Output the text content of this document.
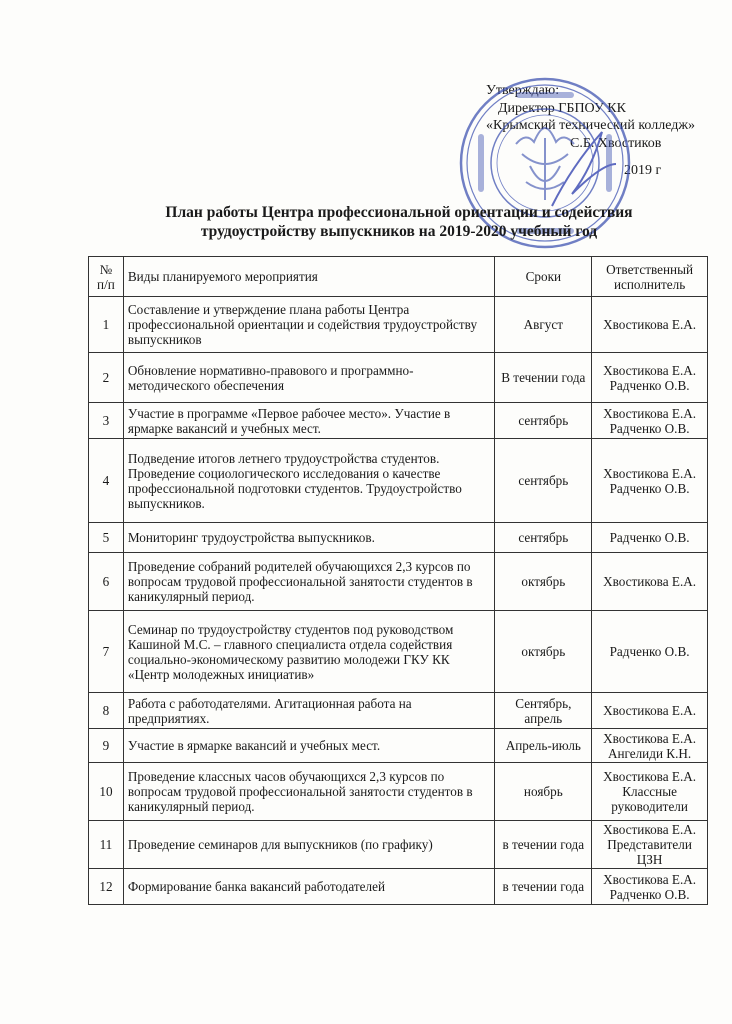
Утверждаю:
Директор ГБПОУ КК
«Крымский технический колледж»
С.Б. Хвостиков
2019 г
План работы Центра профессиональной ориентации и содействия
трудоустройству выпускников на 2019-2020 учебный год
№ п/п	Виды планируемого мероприятия	Сроки	Ответственный исполнитель
1	Составление и утверждение плана работы Центра профессиональной ориентации и содействия трудоустройству выпускников	Август	Хвостикова Е.А.
2	Обновление нормативно-правового и программно-методического обеспечения	В течении года	Хвостикова Е.А. Радченко О.В.
3	Участие в программе «Первое рабочее место». Участие в ярмарке вакансий и учебных мест.	сентябрь	Хвостикова Е.А. Радченко О.В.
4	Подведение итогов летнего трудоустройства студентов. Проведение социологического исследования о качестве профессиональной подготовки студентов. Трудоустройство выпускников.	сентябрь	Хвостикова Е.А. Радченко О.В.
5	Мониторинг трудоустройства выпускников.	сентябрь	Радченко О.В.
6	Проведение собраний родителей обучающихся 2,3 курсов по вопросам трудовой профессиональной занятости студентов в каникулярный период.	октябрь	Хвостикова Е.А.
7	Семинар по трудоустройству студентов под руководством Кашиной М.С. – главного специалиста отдела содействия социально-экономическому развитию молодежи ГКУ КК «Центр молодежных инициатив»	октябрь	Радченко О.В.
8	Работа с работодателями. Агитационная работа на предприятиях.	Сентябрь, апрель	Хвостикова Е.А.
9	Участие в ярмарке вакансий и учебных мест.	Апрель-июль	Хвостикова Е.А. Ангелиди К.Н.
10	Проведение классных часов обучающихся 2,3 курсов по вопросам трудовой профессиональной занятости студентов в каникулярный период.	ноябрь	Хвостикова Е.А. Классные руководители
11	Проведение семинаров для выпускников (по графику)	в течении года	Хвостикова Е.А. Представители ЦЗН
12	Формирование банка вакансий работодателей	в течении года	Хвостикова Е.А. Радченко О.В.
